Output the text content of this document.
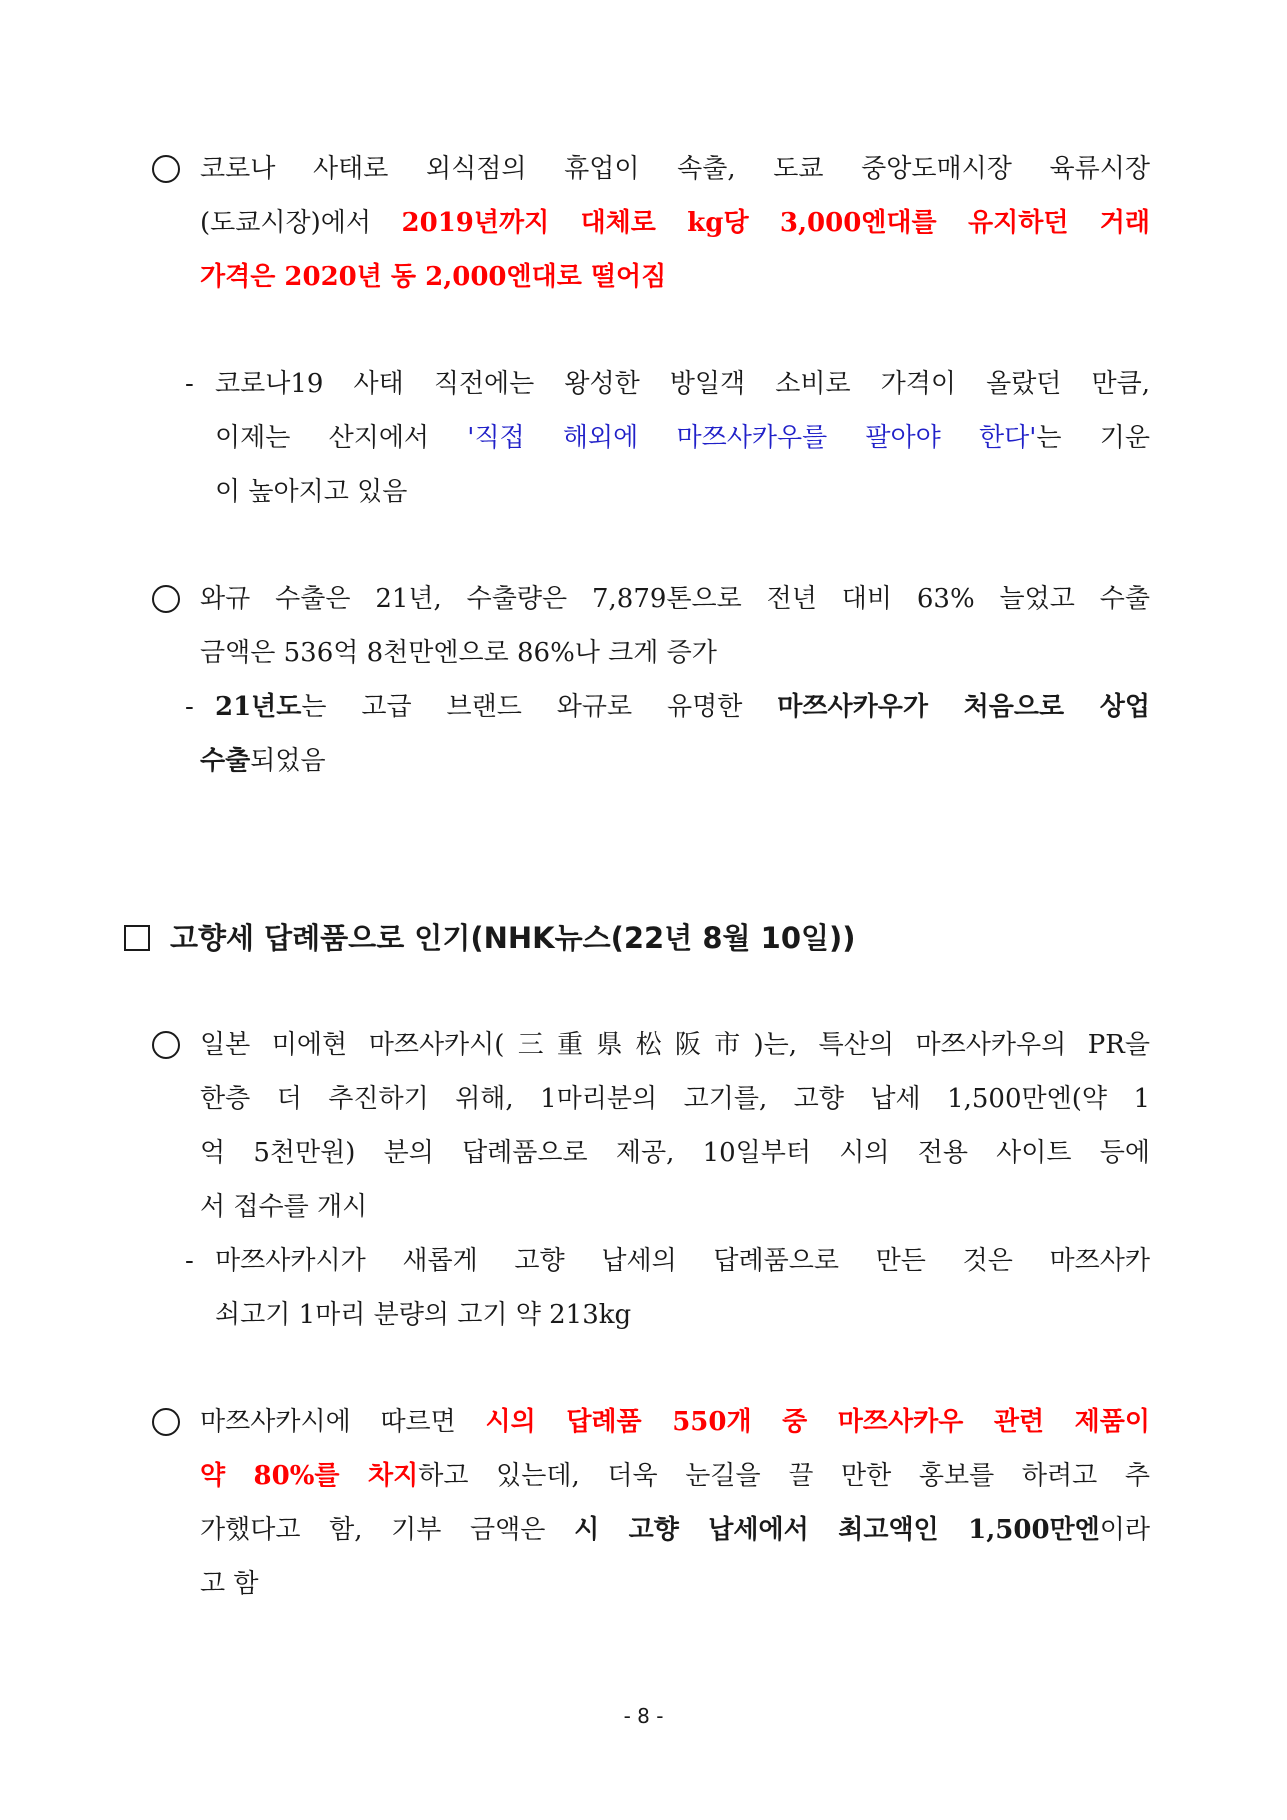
코로나 사태로 외식점의 휴업이 속출, 도쿄 중앙도매시장 육류시장
(도쿄시장)에서 2019년까지 대체로 kg당 3,000엔대를 유지하던 거래
가격은 2020년 동 2,000엔대로 떨어짐
- 코로나19 사태 직전에는 왕성한 방일객 소비로 가격이 올랐던 만큼,
이제는 산지에서 '직접 해외에 마쯔사카우를 팔아야 한다'는 기운
이 높아지고 있음
와규 수출은 21년, 수출량은 7,879톤으로 전년 대비 63% 늘었고 수출
금액은 536억 8천만엔으로 86%나 크게 증가
- 21년도는 고급 브랜드 와규로 유명한 마쯔사카우가 처음으로 상업
수출되었음
고향세 답례품으로 인기(NHK뉴스(22년 8월 10일))
일본 미에현 마쯔사카시(三重県松阪市)는, 특산의 마쯔사카우의 PR을
한층 더 추진하기 위해, 1마리분의 고기를, 고향 납세 1,500만엔(약 1
억 5천만원) 분의 답례품으로 제공, 10일부터 시의 전용 사이트 등에
서 접수를 개시
- 마쯔사카시가 새롭게 고향 납세의 답례품으로 만든 것은 마쯔사카
쇠고기 1마리 분량의 고기 약 213kg
마쯔사카시에 따르면 시의 답례품 550개 중 마쯔사카우 관련 제품이
약 80%를 차지하고 있는데, 더욱 눈길을 끌 만한 홍보를 하려고 추
가했다고 함, 기부 금액은 시 고향 납세에서 최고액인 1,500만엔이라
고 함
- 8 -
